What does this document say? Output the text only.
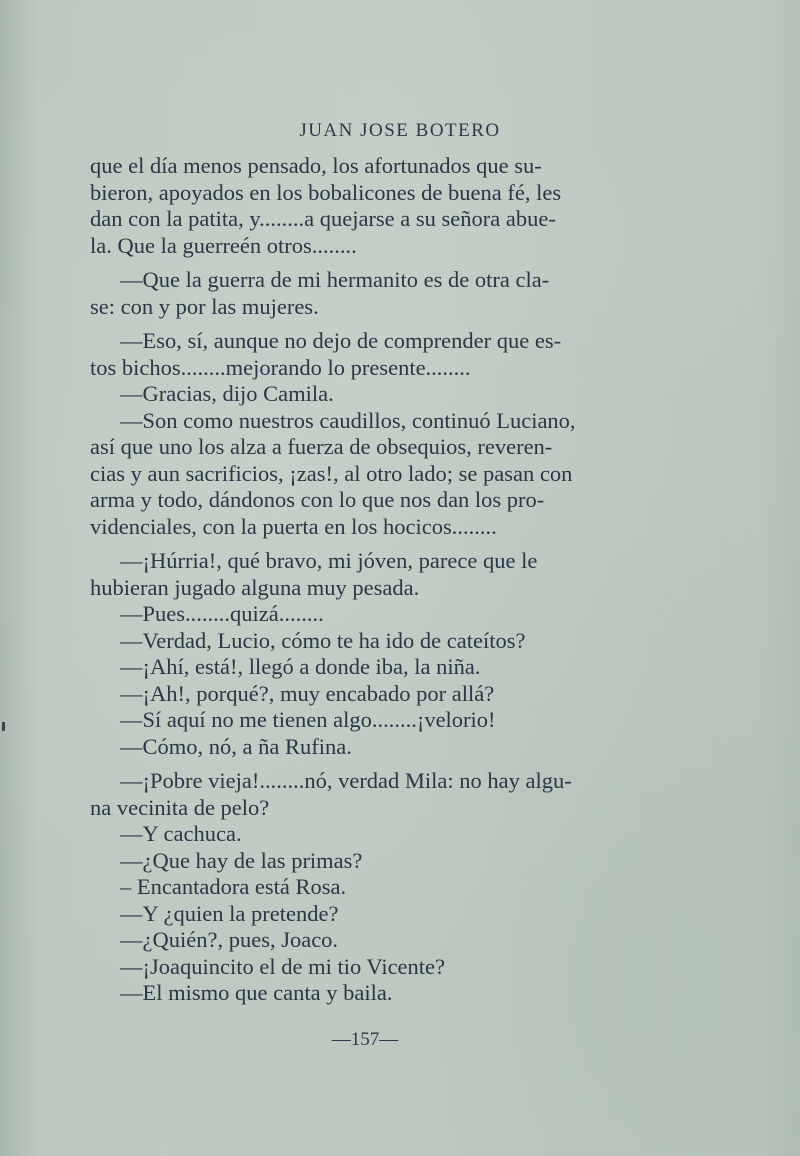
JUAN JOSE BOTERO

que el día menos pensado, los afortunados que su-
bieron, apoyados en los bobalicones de buena fé, les
dan con la patita, y........a quejarse a su señora abue-
la. Que la guerreén otros........

—Que la guerra de mi hermanito es de otra cla-
se: con y por las mujeres.

—Eso, sí, aunque no dejo de comprender que es-
tos bichos........mejorando lo presente........

—Gracias, dijo Camila.

—Son como nuestros caudillos, continuó Luciano,
así que uno los alza a fuerza de obsequios, reveren-
cias y aun sacrificios, ¡zas!, al otro lado; se pasan con
arma y todo, dándonos con lo que nos dan los pro-
videnciales, con la puerta en los hocicos........

—¡Húrria!, qué bravo, mi jóven, parece que le
hubieran jugado alguna muy pesada.

—Pues........quizá........

—Verdad, Lucio, cómo te ha ido de cateítos?

—¡Ahí, está!, llegó a donde iba, la niña.

—¡Ah!, porqué?, muy encabado por allá?

—Sí aquí no me tienen algo........¡velorio!

—Cómo, nó, a ña Rufina.

—¡Pobre vieja!........nó, verdad Mila: no hay algu-
na vecinita de pelo?

—Y cachuca.

—¿Que hay de las primas?

– Encantadora está Rosa.

—Y ¿quien la pretende?

—¿Quién?, pues, Joaco.

—¡Joaquincito el de mi tio Vicente?

—El mismo que canta y baila.

—157—
